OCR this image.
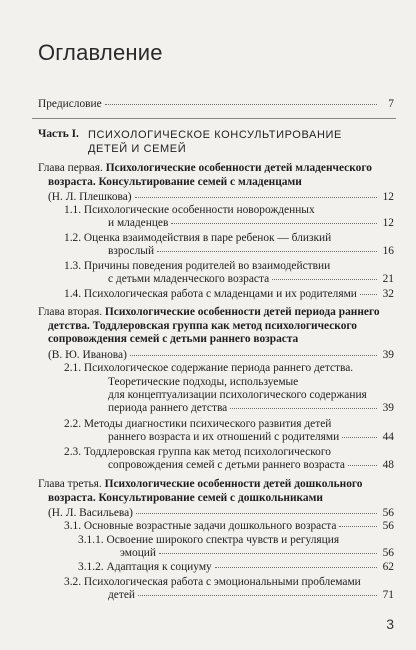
Оглавление
Предисловие	7
Часть I. ПСИХОЛОГИЧЕСКОЕ КОНСУЛЬТИРОВАНИЕ ДЕТЕЙ И СЕМЕЙ
Глава первая. Психологические особенности детей младенческого
возраста. Консультирование семей с младенцами
(Н. Л. Плешкова)	12
1.1. Психологические особенности новорожденных
и младенцев	12
1.2. Оценка взаимодействия в паре ребенок — близкий
взрослый	16
1.3. Причины поведения родителей во взаимодействии
с детьми младенческого возраста	21
1.4. Психологическая работа с младенцами и их родителями 32
Глава вторая. Психологические особенности детей периода раннего
детства. Тоддлеровская группа как метод психологического
сопровождения семей с детьми раннего возраста
(В. Ю. Иванова)	39
2.1. Психологическое содержание периода раннего детства.
Теоретические подходы, используемые
для концептуализации психологического содержания
периода раннего детства	39
2.2. Методы диагностики психического развития детей
раннего возраста и их отношений с родителями	44
2.3. Тоддлеровская группа как метод психологического
сопровождения семей с детьми раннего возраста	48
Глава третья. Психологические особенности детей дошкольного
возраста. Консультирование семей с дошкольниками
(Н. Л. Васильева)	56
3.1. Основные возрастные задачи дошкольного возраста	56
3.1.1. Освоение широкого спектра чувств и регуляция
эмоций	56
3.1.2. Адаптация к социуму	62
3.2. Психологическая работа с эмоциональными проблемами
детей	71
3
